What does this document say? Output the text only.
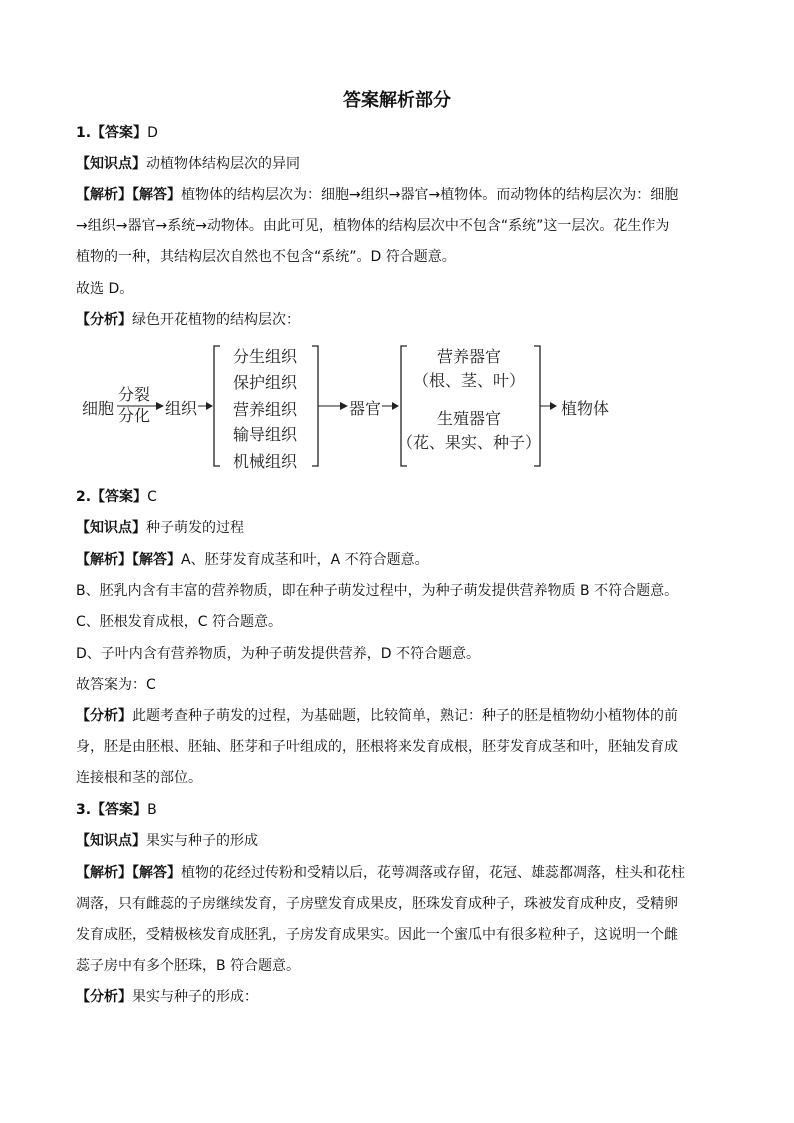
答案解析部分
1.【答案】D
【知识点】动植物体结构层次的异同
【解析】【解答】植物体的结构层次为：细胞→组织→器官→植物体。而动物体的结构层次为：细胞
→组织→器官→系统→动物体。由此可见，植物体的结构层次中不包含“系统”这一层次。花生作为
植物的一种，其结构层次自然也不包含“系统”。D 符合题意。
故选 D。
【分析】绿色开花植物的结构层次：
细胞
分裂
分化 组织
分生组织
保护组织
营养组织
输导组织
机械组织
器官
营养器官
（根、茎、叶）
生殖器官
（花、果实、种子）
植物体
2.【答案】C
【知识点】种子萌发的过程
【解析】【解答】A、胚芽发育成茎和叶，A 不符合题意。
B、胚乳内含有丰富的营养物质，即在种子萌发过程中，为种子萌发提供营养物质 B 不符合题意。
C、胚根发育成根，C 符合题意。
D、子叶内含有营养物质，为种子萌发提供营养，D 不符合题意。
故答案为：C
【分析】此题考查种子萌发的过程，为基础题，比较简单，熟记：种子的胚是植物幼小植物体的前
身，胚是由胚根、胚轴、胚芽和子叶组成的，胚根将来发育成根，胚芽发育成茎和叶，胚轴发育成
连接根和茎的部位。
3.【答案】B
【知识点】果实与种子的形成
【解析】【解答】植物的花经过传粉和受精以后，花萼凋落或存留，花冠、雄蕊都凋落，柱头和花柱
凋落，只有雌蕊的子房继续发育，子房壁发育成果皮，胚珠发育成种子，珠被发育成种皮，受精卵
发育成胚，受精极核发育成胚乳，子房发育成果实。因此一个蜜瓜中有很多粒种子，这说明一个雌
蕊子房中有多个胚珠，B 符合题意。
【分析】果实与种子的形成：
